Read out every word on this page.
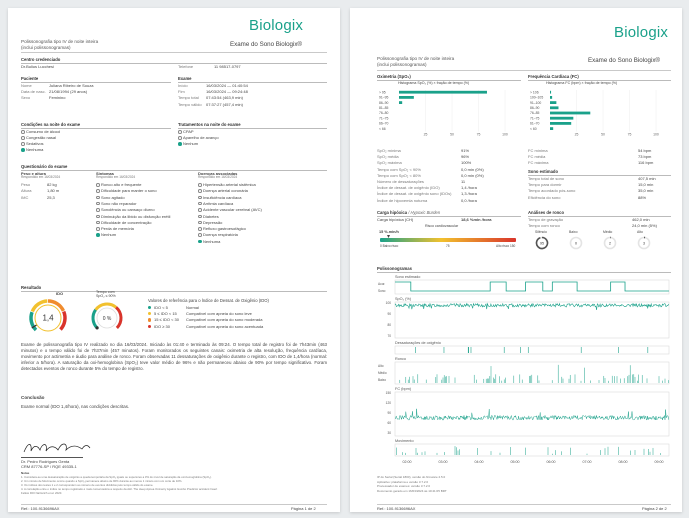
Biologix
Polissonografia tipo IV de noite inteira
(inclui polissonogramas)	Exame do Sono Biologix®
Centro credenciado
Dr.Bulius Lucchesi	Telefone	11 98517-0797
Paciente	Exame
Nome	Juliana Ribeiro de Souza
Data de nasc. 21/08/1994 (29 anos)
Sexo	Feminino
Início	16/03/2024 — 01:40:54
Fim	16/03/2024 — 09:24:48
Tempo total 07:43:54 (463,9 min)
Tempo válido 07:37:27 (457,4 min)
Condições na noite do exame	Tratamentos na noite do exame
Consumo de álcool
Congestão nasal
Sedativos
Nenhuma
CPAP
Aparelho de avanço
Nenhum
Questionário do exame
Peso e altura
Respondido em 16/03/2024
Sintomas
Respondido em 16/03/2024
Doenças associadas
Respondido em 16/03/2024
Peso	82 kg
Altura	1,80 m
IMC	25,3
Ronco alto e frequente
Dificuldade para manter o sono
Sono agitado
Sono não reparador
Sonolência ou cansaço diurno
Diminuição da libido ou disfunção erétil
Dificuldade de concentração
Perda de memória
Nenhum
Hipertensão arterial sistêmica
Doença arterial coronária
Insuficiência cardíaca
Arritmia cardíaca
Acidente vascular cerebral (AVC)
Diabetes
Depressão
Refluxo gastroesofágico
Doença respiratória
Nenhuma
Resultado
IDO	Tempo com
SpO₂ ≤ 90%
1,4	0 %
Valores de referência para o Índice de Dessat. de Oxigênio (IDO)
IDO < 5	Normal
5 ≤ IDO < 15 Compatível com apneia do sono leve
15 ≤ IDO < 30 Compatível com apneia do sono moderada
IDO ≥ 30	Compatível com apneia do sono acentuada
Exame de polissonografia tipo IV realizado no dia 16/03/2024. Iniciado às 01:40 e terminado às 09:24. O tempo total de registro foi de 7h43min (463 minutos) e o tempo válido foi de 7h37min (457 minutos). Foram monitorados os seguintes canais: oximetria de alta resolução, frequência cardíaca, movimento por actimetria e áudio para análise de ronco. Foram observadas 11 dessaturações de oxigênio durante o registro, com IDO de 1,4/hora (normal: inferior a 5/hora). A saturação da oxi-hemoglobina (SpO₂) teve valor médio de 96% e não permaneceu abaixo de 90% por tempo significativo. Foram detectados eventos de ronco durante 5% do tempo de registro.
Conclusão
Exame normal (IDO 1,4/hora), nas condições descritas.
Dr. Pedro Rodrigues Genta
CRM 87776-SP / RQE 49335-1
Notas
1. Considera-se uma dessaturação de oxigênio a queda temporária da SpO₂ iguais ou superiores a 3% do nível de saturação da oxi-hemoglobina (SpO₂).
2. Um minuto de Movimento ocorre quando a SpO₂ permanece abaixo de 90% durante ao menos 1 minuto com um corte de 10%.
3. Os índices dos testes 1 e 2 correspondem ao número de eventos divididos pelo tempo válido do exame.
4. A correlação entre o índice no tempo registrado é mais conservadora a respeito da AHI. The sleep Apnea Oximetry Against Gumbo Predictor accident Insert
Fellow IDO Nartwrich et al. 2020.
Ref.: 100-9136696AX	Página 1 de 2
Biologix
Polissonografia tipo IV de noite inteira
(inclui polissonogramas)
Exame do Sono Biologix®
Oximetria (SpO₂)
Histograma SpO₂ (%) × fração de tempo (%)
25	50	75	100
> 95
91–95
86–90
81–85
76–80
71–75
66–70
< 66
SpO₂ mínima	91%
SpO₂ média	96%
SpO₂ máxima	100%
Tempo com SpO₂ < 90%	0,0 min (0%)
Tempo com SpO₂ < 80%	0,0 min (0%)
Número de dessaturações	11
Índice de dessat. de oxigênio (IDO)	1,4 /hora
Índice de dessat. de oxigênio sono (IDOs) 1,3 /hora
Índice de hipoxemia noturna	0,0 /hora
Frequência Cardíaca (FC)
Histograma FC (bpm) × fração de tempo (%)
25	50	75	100
> 106
100–105
91–100
86–90
76–85
71–75
61–70
< 60
FC mínima	54 bpm
FC média	73 bpm
FC máxima	116 bpm
Sono estimado
Tempo total de sono	407,5 min
Tempo para dormir	15,0 min
Tempo acordado pós-sono	35,0 min
Eficiência do sono	88%
Carga hipóxica / Hypoxic Burden
Carga hipóxica (CH)	18,6 %min /hora
Risco cardiovascular
15 %.min/h
0 Baixo risco	75	Alto risco 150
Análises de ronco
Tempo de gravação	462,0 min
Tempo com ronco	24,0 min (5%)
Silêncio
95
Baixo
0
Médio
2
Alto
3
Polissonogramas
Sono estimado
Acor.
Sono
SpO₂ (%)
100
90
80
70
Dessaturações de oxigênio
Ronco
Alto
Médio
Baixo
FC (bpm)
150
120
90
60
30
Movimento
02:00	03:00	04:00	05:00	06:00	07:00	08:00	09:00
IP do Serial (Serial 1800), versão do firmware 2.5.0
Aplicativo: plataforma e versão 3.7.2.0
Processador de exames: versão 3.7.2.0
Documento gerado em 16/03/2024 às 10:41:05 BRT
Ref.: 100-9136696AX	Página 2 de 2
